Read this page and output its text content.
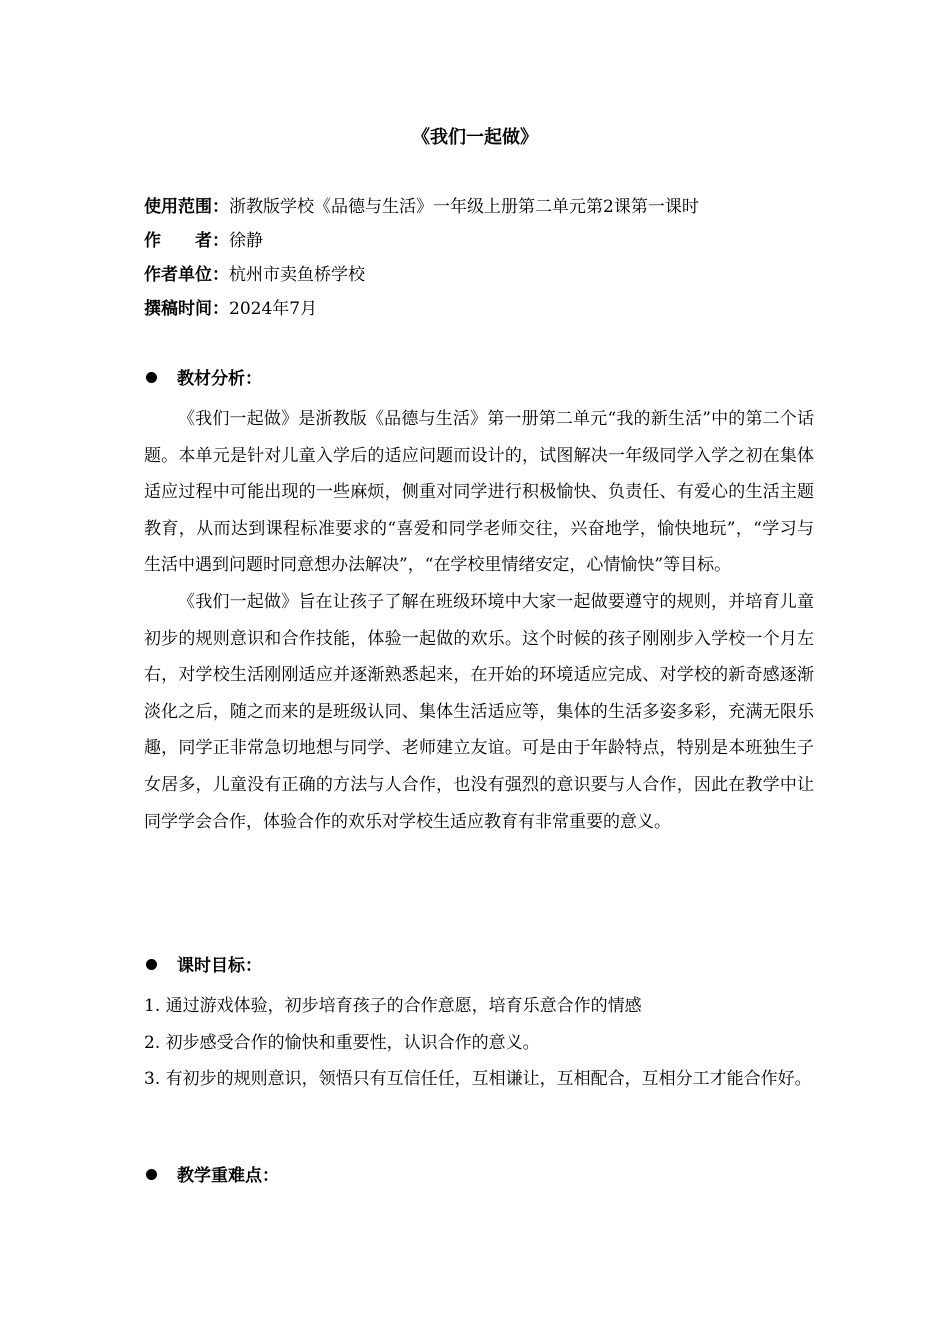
《我们一起做》
使用范围：浙教版学校《品德与生活》一年级上册第二单元第2课第一课时
作　　者：徐静
作者单位：杭州市卖鱼桥学校
撰稿时间：2024年7月
教材分析：

《我们一起做》是浙教版《品德与生活》第一册第二单元“我的新生活”中的第二个话题。本单元是针对儿童入学后的适应问题而设计的，试图解决一年级同学入学之初在集体适应过程中可能出现的一些麻烦，侧重对同学进行积极愉快、负责任、有爱心的生活主题教育，从而达到课程标准要求的“喜爱和同学老师交往，兴奋地学，愉快地玩”，“学习与生活中遇到问题时同意想办法解决”，“在学校里情绪安定，心情愉快”等目标。

《我们一起做》旨在让孩子了解在班级环境中大家一起做要遵守的规则，并培育儿童初步的规则意识和合作技能，体验一起做的欢乐。这个时候的孩子刚刚步入学校一个月左右，对学校生活刚刚适应并逐渐熟悉起来，在开始的环境适应完成、对学校的新奇感逐渐淡化之后，随之而来的是班级认同、集体生活适应等，集体的生活多姿多彩，充满无限乐趣，同学正非常急切地想与同学、老师建立友谊。可是由于年龄特点，特别是本班独生子女居多，儿童没有正确的方法与人合作，也没有强烈的意识要与人合作，因此在教学中让同学学会合作，体验合作的欢乐对学校生适应教育有非常重要的意义。

课时目标：

1. 通过游戏体验，初步培育孩子的合作意愿，培育乐意合作的情感

2. 初步感受合作的愉快和重要性，认识合作的意义。

3. 有初步的规则意识，领悟只有互信任任，互相谦让，互相配合，互相分工才能合作好。

教学重难点：
